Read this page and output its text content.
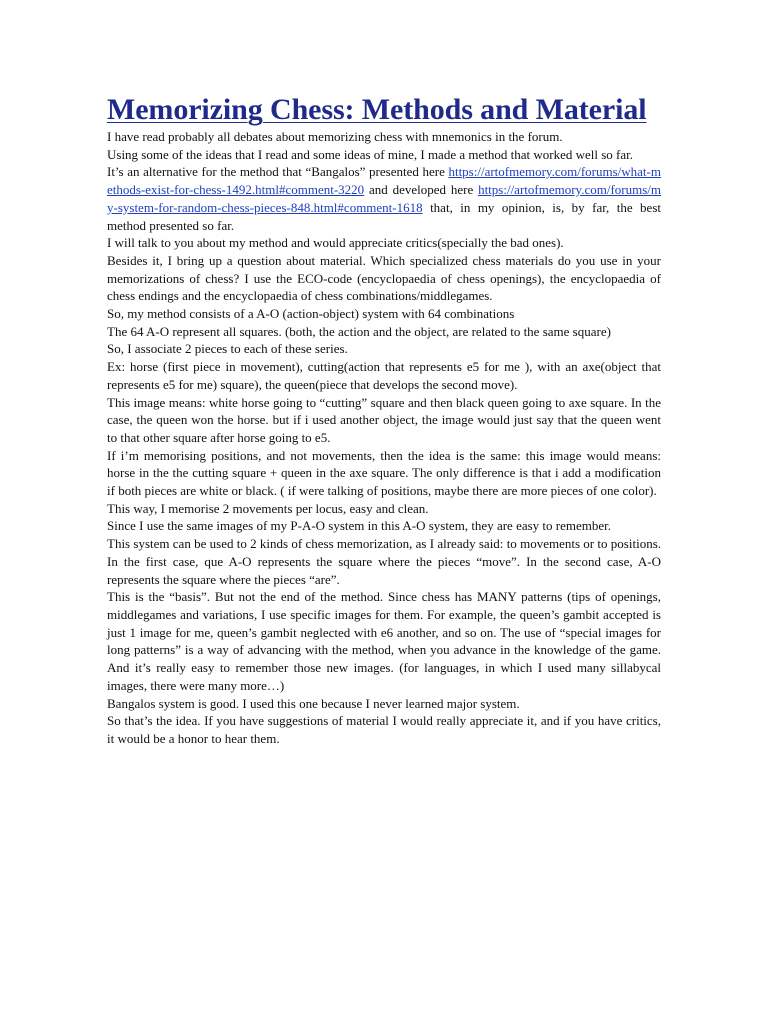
Memorizing Chess: Methods and Material

I have read probably all debates about memorizing chess with mnemonics in the forum.

Using some of the ideas that I read and some ideas of mine, I made a method that worked well so far.

It’s an alternative for the method that “Bangalos” presented here https://artofmemory.com/forums/what-methods-exist-for-chess-1492.html#comment-3220 and developed here https://artofmemory.com/forums/my-system-for-random-chess-pieces-848.html#comment-1618 that, in my opinion, is, by far, the best method presented so far.

I will talk to you about my method and would appreciate critics(specially the bad ones).

Besides it, I bring up a question about material. Which specialized chess materials do you use in your memorizations of chess? I use the ECO-code (encyclopaedia of chess openings), the encyclopaedia of chess endings and the encyclopaedia of chess combinations/middlegames.

So, my method consists of a A-O (action-object) system with 64 combinations

The 64 A-O represent all squares. (both, the action and the object, are related to the same square)

So, I associate 2 pieces to each of these series.

Ex: horse (first piece in movement), cutting(action that represents e5 for me ), with an axe(object that represents e5 for me) square), the queen(piece that develops the second move).

This image means: white horse going to “cutting” square and then black queen going to axe square. In the case, the queen won the horse. but if i used another object, the image would just say that the queen went to that other square after horse going to e5.

If i’m memorising positions, and not movements, then the idea is the same: this image would means: horse in the the cutting square + queen in the axe square. The only difference is that i add a modification if both pieces are white or black. ( if were talking of positions, maybe there are more pieces of one color).

This way, I memorise 2 movements per locus, easy and clean.

Since I use the same images of my P-A-O system in this A-O system, they are easy to remember.

This system can be used to 2 kinds of chess memorization, as I already said: to movements or to positions. In the first case, que A-O represents the square where the pieces “move”. In the second case, A-O represents the square where the pieces “are”.

This is the “basis”. But not the end of the method. Since chess has MANY patterns (tips of openings, middlegames and variations, I use specific images for them. For example, the queen’s gambit accepted is just 1 image for me, queen’s gambit neglected with e6 another, and so on. The use of “special images for long patterns” is a way of advancing with the method, when you advance in the knowledge of the game. And it’s really easy to remember those new images. (for languages, in which I used many sillabycal images, there were many more…)

Bangalos system is good. I used this one because I never learned major system.

So that’s the idea. If you have suggestions of material I would really appreciate it, and if you have critics, it would be a honor to hear them.
